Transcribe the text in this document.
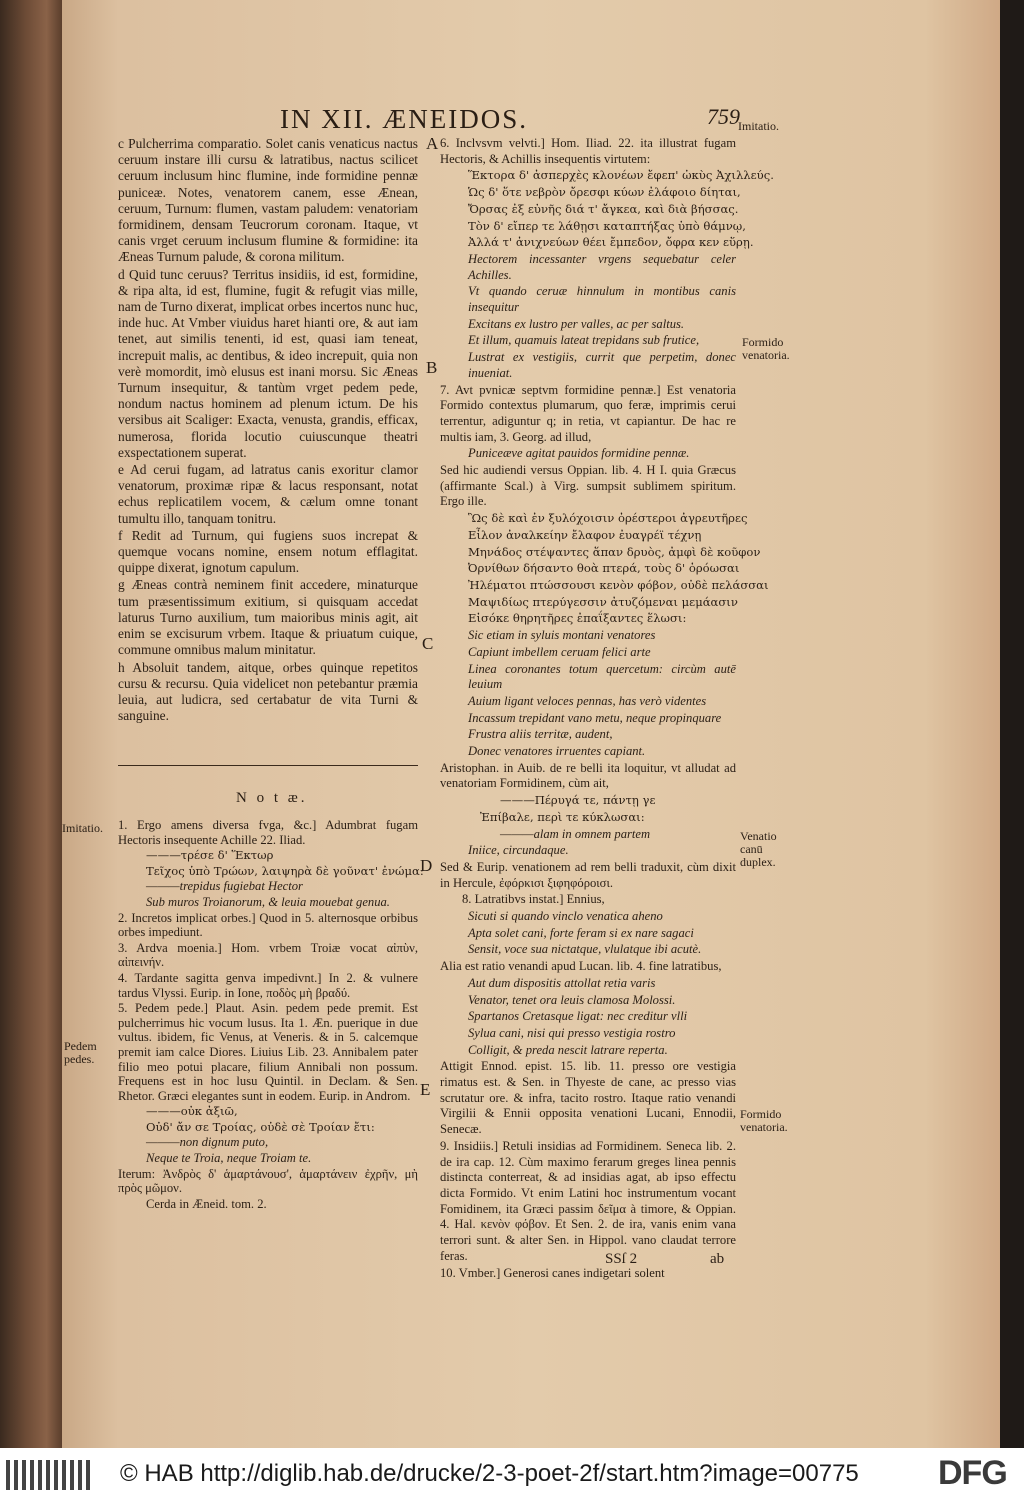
IN XII. ÆNEIDOS.	759
Imitatio.
Formido venatoria.
Venatio canū duplex.
Imitatio.
Pedem pedes.
Formido venatoria.
A
B
C
D
E

c Pulcherrima comparatio. Solet canis venaticus nactus ceruum instare illi cursu & latratibus, nactus scilicet ceruum inclusum hinc flumine, inde formidine pennæ puniceæ. Notes, venatorem canem, esse Ænean, ceruum, Turnum: flumen, vastam paludem: venatoriam formidinem, densam Teucrorum coronam. Itaque, vt canis vrget ceruum inclusum flumine & formidine: ita Æneas Turnum palude, & corona militum.

d Quid tunc ceruus? Territus insidiis, id est, formidine, & ripa alta, id est, flumine, fugit & refugit vias mille, nam de Turno dixerat, implicat orbes incertos nunc huc, inde huc. At Vmber viuidus haret hianti ore, & aut iam tenet, aut similis tenenti, id est, quasi iam teneat, increpuit malis, ac dentibus, & ideo increpuit, quia non verè momordit, imò elusus est inani morsu. Sic Æneas Turnum insequitur, & tantùm vrget pedem pede, nondum nactus hominem ad plenum ictum. De his versibus ait Scaliger: Exacta, venusta, grandis, efficax, numerosa, florida locutio cuiuscunque theatri exspectationem superat.

e Ad cerui fugam, ad latratus canis exoritur clamor venatorum, proximæ ripæ & lacus responsant, notat echus replicatilem vocem, & cælum omne tonant tumultu illo, tanquam tonitru.

f Redit ad Turnum, qui fugiens suos increpat & quemque vocans nomine, ensem notum efflagitat. quippe dixerat, ignotum capulum.

g Æneas contrà neminem finit accedere, minaturque tum præsentissimum exitium, si quisquam accedat laturus Turno auxilium, tum maioribus minis agit, ait enim se excisurum vrbem. Itaque & priuatum cuique, commune omnibus malum minitatur.

h Absoluit tandem, aitque, orbes quinque repetitos cursu & recursu. Quia videlicet non petebantur præmia leuia, aut ludicra, sed certabatur de vita Turni & sanguine.

N o t æ.

1. Ergo amens diversa fvga, &c.] Adumbrat fugam Hectoris insequente Achille 22. Iliad.

———τρέσε δ' Ἕκτωρ

Τεῖχος ὑπὸ Τρώων, λαιψηρὰ δὲ γοῦνατ' ἐνώμα:

———trepidus fugiebat Hector

Sub muros Troianorum, & leuia mouebat genua.

2. Incretos implicat orbes.] Quod in 5. alternosque orbibus orbes impediunt.

3. Ardva moenia.] Hom. vrbem Troiæ vocat αἰπὺν, αἰπεινήν.

4. Tardante sagitta genva impedivnt.] In 2. & vulnere tardus Vlyssi. Eurip. in Ione, ποδὸς μὴ βραδύ.

5. Pedem pede.] Plaut. Asin. pedem pede premit. Est pulcherrimus hic vocum lusus. Ita 1. Æn. puerique in due vultus. ibidem, fic Venus, at Veneris. & in 5. calcemque premit iam calce Diores. Liuius Lib. 23. Annibalem pater filio meo potui placare, filium Annibali non possum. Frequens est in hoc lusu Quintil. in Declam. & Sen. Rhetor. Græci elegantes sunt in eodem. Eurip. in Androm.

———οὐκ ἀξιῶ,

Οὐδ' ἄν σε Τροίας, οὐδὲ σὲ Τροίαν ἔτι:

———non dignum puto,

Neque te Troia, neque Troiam te.

Iterum: Ἀνδρὸς δ' ἁμαρτάνουσ', ἁμαρτάνειν ἐχρῆν, μὴ πρὸς μῶμον.

Cerda in Æneid. tom. 2.

6. Inclvsvm velvti.] Hom. Iliad. 22. ita illustrat fugam Hectoris, & Achillis insequentis virtutem:

Ἕκτορα δ' ἀσπερχὲς κλονέων ἔφεπ' ὠκὺς Ἀχιλλεύς.

Ὡς δ' ὅτε νεβρὸν ὄρεσφι κύων ἐλάφοιο δίηται,

Ὄρσας ἐξ εὐνῆς διά τ' ἄγκεα, καὶ διὰ βήσσας.

Τὸν δ' εἴπερ τε λάθῃσι καταπτήξας ὑπὸ θάμνῳ,

Ἀλλά τ' ἀνιχνεύων θέει ἔμπεδον, ὄφρα κεν εὕρῃ.

Hectorem incessanter vrgens sequebatur celer Achilles.

Vt quando ceruæ hinnulum in montibus canis insequitur

Excitans ex lustro per valles, ac per saltus.

Et illum, quamuis lateat trepidans sub frutice,

Lustrat ex vestigiis, currit que perpetim, donec inueniat.

7. Avt pvnicæ septvm formidine pennæ.] Est venatoria Formido contextus plumarum, quo feræ, imprimis cerui terrentur, adiguntur q; in retia, vt capiantur. De hac re multis iam, 3. Georg. ad illud,

Puniceæve agitat pauidos formidine pennæ.

Sed hic audiendi versus Oppian. lib. 4. H I. quia Græcus (affirmante Scal.) à Virg. sumpsit sublimem spiritum. Ergo ille.

Ὣς δὲ καὶ ἐν ξυλόχοισιν ὀρέστεροι ἀγρευτῆρες

Εἶλον ἀναλκείην ἔλαφον ἐυαγρέϊ τέχνῃ

Μηνάδος στέψαντες ἅπαν δρυὸς, ἀμφὶ δὲ κοῦφον

Ὀρνίθων δήσαντο θοὰ πτερά, τοὺς δ' ὁρόωσαι

Ἠλέματοι πτώσσουσι κενὸν φόβον, οὐδὲ πελάσσαι

Μαψιδίως πτερύγεσσιν ἀτυζόμεναι μεμάασιν

Εἰσόκε θηρητῆρες ἐπαΐξαντες ἕλωσι:

Sic etiam in syluis montani venatores

Capiunt imbellem ceruam felici arte

Linea coronantes totum quercetum: circùm autē leuium

Auium ligant veloces pennas, has verò videntes

Incassum trepidant vano metu, neque propinquare

Frustra aliis territæ, audent,

Donec venatores irruentes capiant.

Aristophan. in Auib. de re belli ita loquitur, vt alludat ad venatoriam Formidinem, cùm ait,

———Πέρυγά τε, πάντῃ γε

Ἐπίβαλε, περὶ τε κύκλωσαι:

———alam in omnem partem

Iniice, circundaque.

Sed & Eurip. venationem ad rem belli traduxit, cùm dixit in Hercule, ἐφόρκισι ξιφηφόροισι.

8. Latratibvs instat.] Ennius,

Sicuti si quando vinclo venatica aheno

Apta solet cani, forte feram si ex nare sagaci

Sensit, voce sua nictatque, vlulatque ibi acutè.

Alia est ratio venandi apud Lucan. lib. 4. fine latratibus,

Aut dum dispositis attollat retia varis

Venator, tenet ora leuis clamosa Molossi.

Spartanos Cretasque ligat: nec creditur vlli

Sylua cani, nisi qui presso vestigia rostro

Colligit, & preda nescit latrare reperta.

Attigit Ennod. epist. 15. lib. 11. presso ore vestigia rimatus est. & Sen. in Thyeste de cane, ac presso vias scrutatur ore. & infra, tacito rostro. Itaque ratio venandi Virgilii & Ennii opposita venationi Lucani, Ennodii, Senecæ.

9. Insidiis.] Retuli insidias ad Formidinem. Seneca lib. 2. de ira cap. 12. Cùm maximo ferarum greges linea pennis distincta conterreat, & ad insidias agat, ab ipso effectu dicta Formido. Vt enim Latini hoc instrumentum vocant Fomidinem, ita Græci passim δεῖμα à timore, & Oppian. 4. Hal. κενὸν φόβον. Et Sen. 2. de ira, vanis enim vana terrori sunt. & alter Sen. in Hippol. vano claudat terrore feras.

10. Vmber.] Generosi canes indigetari solent

SSſ 2	ab
© HAB http://diglib.hab.de/drucke/2-3-poet-2f/start.htm?image=00775 DFG
